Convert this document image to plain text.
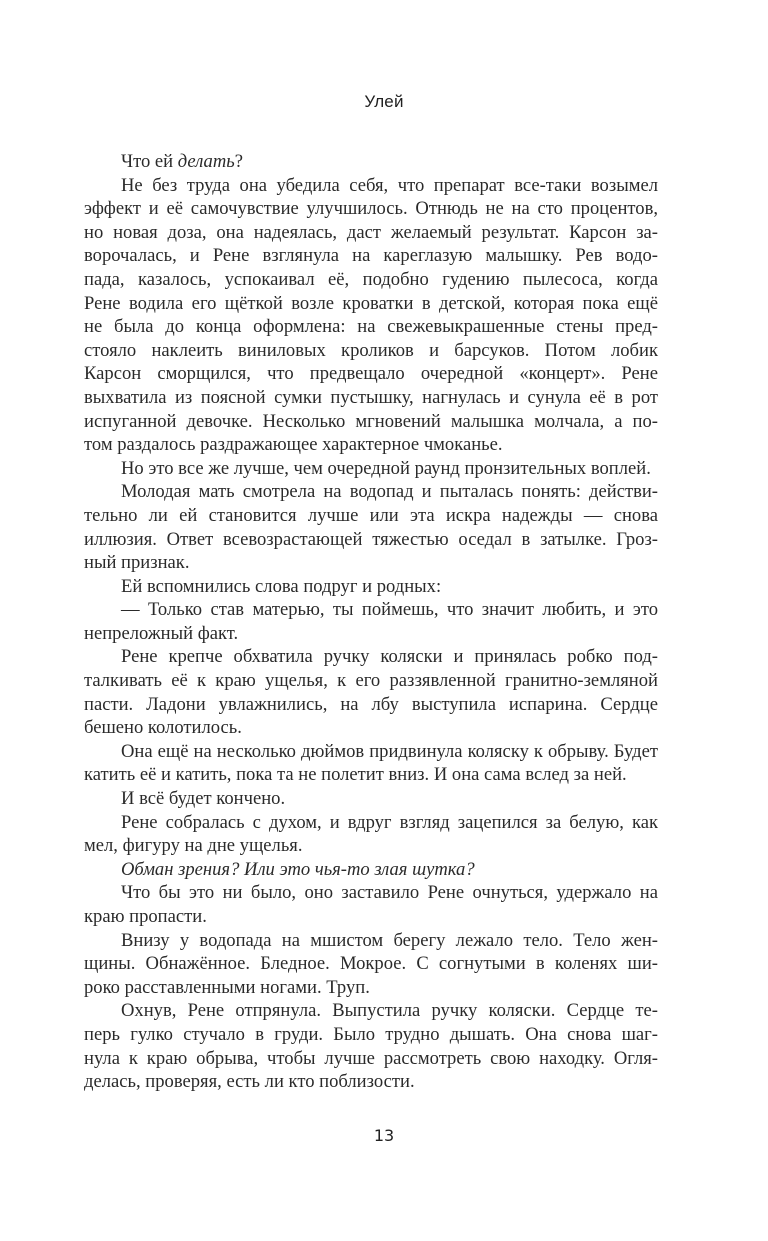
Улей
Что ей делать?
Не без труда она убедила себя, что препарат все-таки возымел
эффект и её самочувствие улучшилось. Отнюдь не на сто процентов,
но новая доза, она надеялась, даст желаемый результат. Карсон за-
ворочалась, и Рене взглянула на кареглазую малышку. Рев водо-
пада, казалось, успокаивал её, подобно гудению пылесоса, когда
Рене водила его щёткой возле кроватки в детской, которая пока ещё
не была до конца оформлена: на свежевыкрашенные стены пред-
стояло наклеить виниловых кроликов и барсуков. Потом лобик
Карсон сморщился, что предвещало очередной «концерт». Рене
выхватила из поясной сумки пустышку, нагнулась и сунула её в рот
испуганной девочке. Несколько мгновений малышка молчала, а по-
том раздалось раздражающее характерное чмоканье.
Но это все же лучше, чем очередной раунд пронзительных воплей.
Молодая мать смотрела на водопад и пыталась понять: действи-
тельно ли ей становится лучше или эта искра надежды — снова
иллюзия. Ответ всевозрастающей тяжестью оседал в затылке. Гроз-
ный признак.
Ей вспомнились слова подруг и родных:
— Только став матерью, ты поймешь, что значит любить, и это
непреложный факт.
Рене крепче обхватила ручку коляски и принялась робко под-
талкивать её к краю ущелья, к его раззявленной гранитно-земляной
пасти. Ладони увлажнились, на лбу выступила испарина. Сердце
бешено колотилось.
Она ещё на несколько дюймов придвинула коляску к обрыву. Будет
катить её и катить, пока та не полетит вниз. И она сама вслед за ней.
И всё будет кончено.
Рене собралась с духом, и вдруг взгляд зацепился за белую, как
мел, фигуру на дне ущелья.
Обман зрения? Или это чья-то злая шутка?
Что бы это ни было, оно заставило Рене очнуться, удержало на
краю пропасти.
Внизу у водопада на мшистом берегу лежало тело. Тело жен-
щины. Обнажённое. Бледное. Мокрое. С согнутыми в коленях ши-
роко расставленными ногами. Труп.
Охнув, Рене отпрянула. Выпустила ручку коляски. Сердце те-
перь гулко стучало в груди. Было трудно дышать. Она снова шаг-
нула к краю обрыва, чтобы лучше рассмотреть свою находку. Огля-
делась, проверяя, есть ли кто поблизости.
13
